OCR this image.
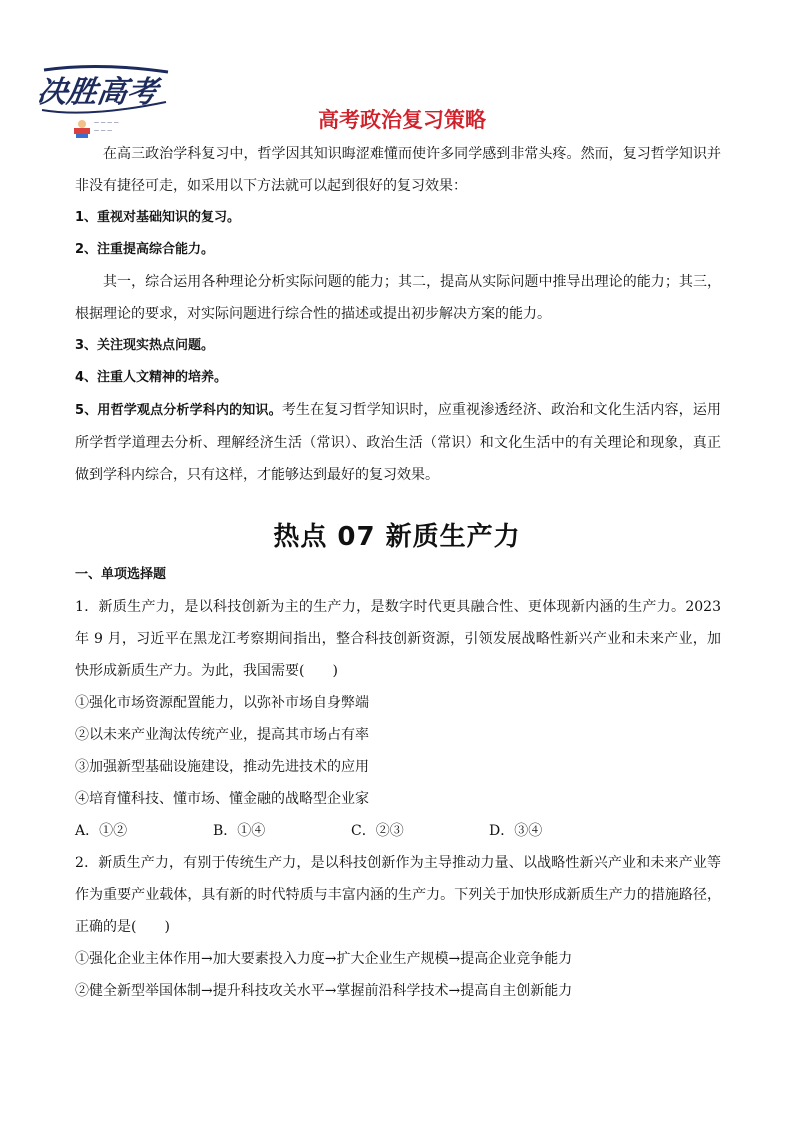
决胜高考
— — — —
— — —	高考政治复习策略

在高三政治学科复习中，哲学因其知识晦涩难懂而使许多同学感到非常头疼。然而，复习哲学知识并非没有捷径可走，如采用以下方法就可以起到很好的复习效果：

1、重视对基础知识的复习。

2、注重提高综合能力。

其一，综合运用各种理论分析实际问题的能力；其二，提高从实际问题中推导出理论的能力；其三，根据理论的要求，对实际问题进行综合性的描述或提出初步解决方案的能力。

3、关注现实热点问题。

4、注重人文精神的培养。

5、用哲学观点分析学科内的知识。考生在复习哲学知识时，应重视渗透经济、政治和文化生活内容，运用所学哲学道理去分析、理解经济生活（常识）、政治生活（常识）和文化生活中的有关理论和现象，真正做到学科内综合，只有这样，才能够达到最好的复习效果。

热点 07 新质生产力

一、单项选择题

1．新质生产力，是以科技创新为主的生产力，是数字时代更具融合性、更体现新内涵的生产力。2023 年 9 月，习近平在黑龙江考察期间指出，整合科技创新资源，引领发展战略性新兴产业和未来产业，加快形成新质生产力。为此，我国需要(　　)

①强化市场资源配置能力，以弥补市场自身弊端

②以未来产业淘汰传统产业，提高其市场占有率

③加强新型基础设施建设，推动先进技术的应用

④培育懂科技、懂市场、懂金融的战略型企业家

A．①②	B．①④	C．②③	D．③④

2．新质生产力，有别于传统生产力，是以科技创新作为主导推动力量、以战略性新兴产业和未来产业等作为重要产业载体，具有新的时代特质与丰富内涵的生产力。下列关于加快形成新质生产力的措施路径，正确的是(　　)

①强化企业主体作用→加大要素投入力度→扩大企业生产规模→提高企业竞争能力

②健全新型举国体制→提升科技攻关水平→掌握前沿科学技术→提高自主创新能力
